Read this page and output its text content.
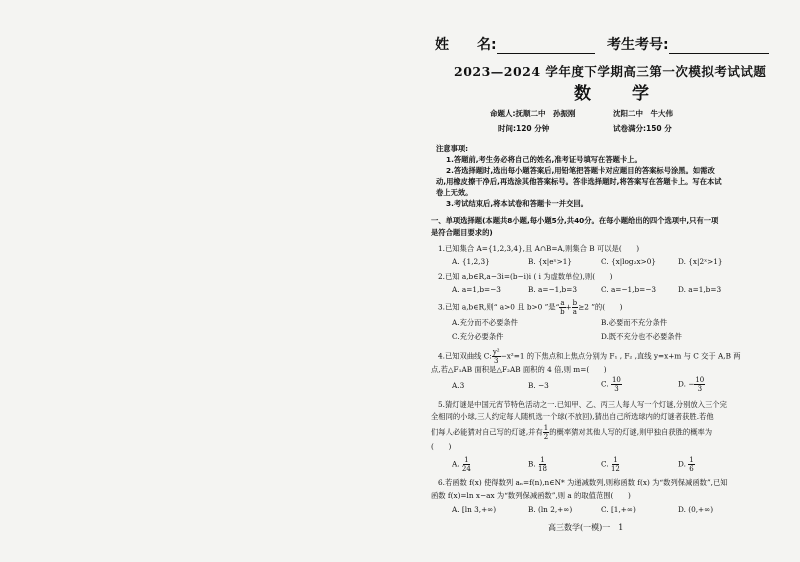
姓　　名:	考生考号:
2023—2024 学年度下学期高三第一次模拟考试试题
数　学
命题人:抚顺二中　孙振刚	沈阳二中　牛大伟
时间:120 分钟	试卷满分:150 分
注意事项:
1.答题前,考生务必将自己的姓名,准考证号填写在答题卡上。
2.答选择题时,选出每小题答案后,用铅笔把答题卡对应题目的答案标号涂黑。如需改
动,用橡皮擦干净后,再选涂其他答案标号。答非选择题时,将答案写在答题卡上。写在本试
卷上无效。
3.考试结束后,将本试卷和答题卡一并交回。
一、单项选择题(本题共8小题,每小题5分,共40分。在每小题给出的四个选项中,只有一项
是符合题目要求的)
1.已知集合 A={1,2,3,4},且 A∩B=A,则集合 B 可以是(　　)
A. {1,2,3}	B. {x|eˣ>1}	C. {x|log₂x>0}	D. {x|2ˣ>1}
2.已知 a,b∈R,a−3i=(b−i)i ( i 为虚数单位),则(　　)
A. a=1,b=−3	B. a=−1,b=3	C. a=−1,b=−3	D. a=1,b=3
3.已知 a,b∈R,则“ a>0 且 b>0 ”是“ $\frac{a}{b} + \frac{b}{a} \ge 2$ ”的(　　)
A.充分而不必要条件	B.必要而不充分条件
C.充分必要条件	D.既不充分也不必要条件
4.已知双曲线 C: $\frac{\text{y²}}{3} -x^2=1$ 的下焦点和上焦点分别为 F₁ , F₂ ,直线 y=x+m 与 C 交于 A,B 两
点,若△F₁AB 面积是△F₂AB 面积的 4 倍,则 m=(　　)
A.3	B. −3	C. $\frac{10}{3}$	D. − $\frac{10}{3}$
5.猜灯谜是中国元宵节特色活动之一.已知甲、乙、丙三人每人写一个灯谜,分别放入三个完
全相同的小球,三人约定每人随机选一个球(不放回),猜出自己所选球内的灯谜者获胜.若他
们每人必能猜对自己写的灯谜,并有 $\frac{1}{2}$ 的概率猜对其他人写的灯谜,则甲独自获胜的概率为
(　　)
A. $\frac{1}{24}$	B. $\frac{1}{18}$	C. $\frac{1}{12}$	D. $\frac{1}{6}$
6.若函数 f(x) 使得数列 aₙ=f(n),n∈N* 为递减数列,则称函数 f(x) 为“数列保减函数”,已知
函数 f(x)=ln x−ax 为“数列保减函数”,则 a 的取值范围(　　)
A. [ln 3,+∞)	B. (ln 2,+∞)	C. [1,+∞)	D. (0,+∞)
高三数学(一模)一　1
